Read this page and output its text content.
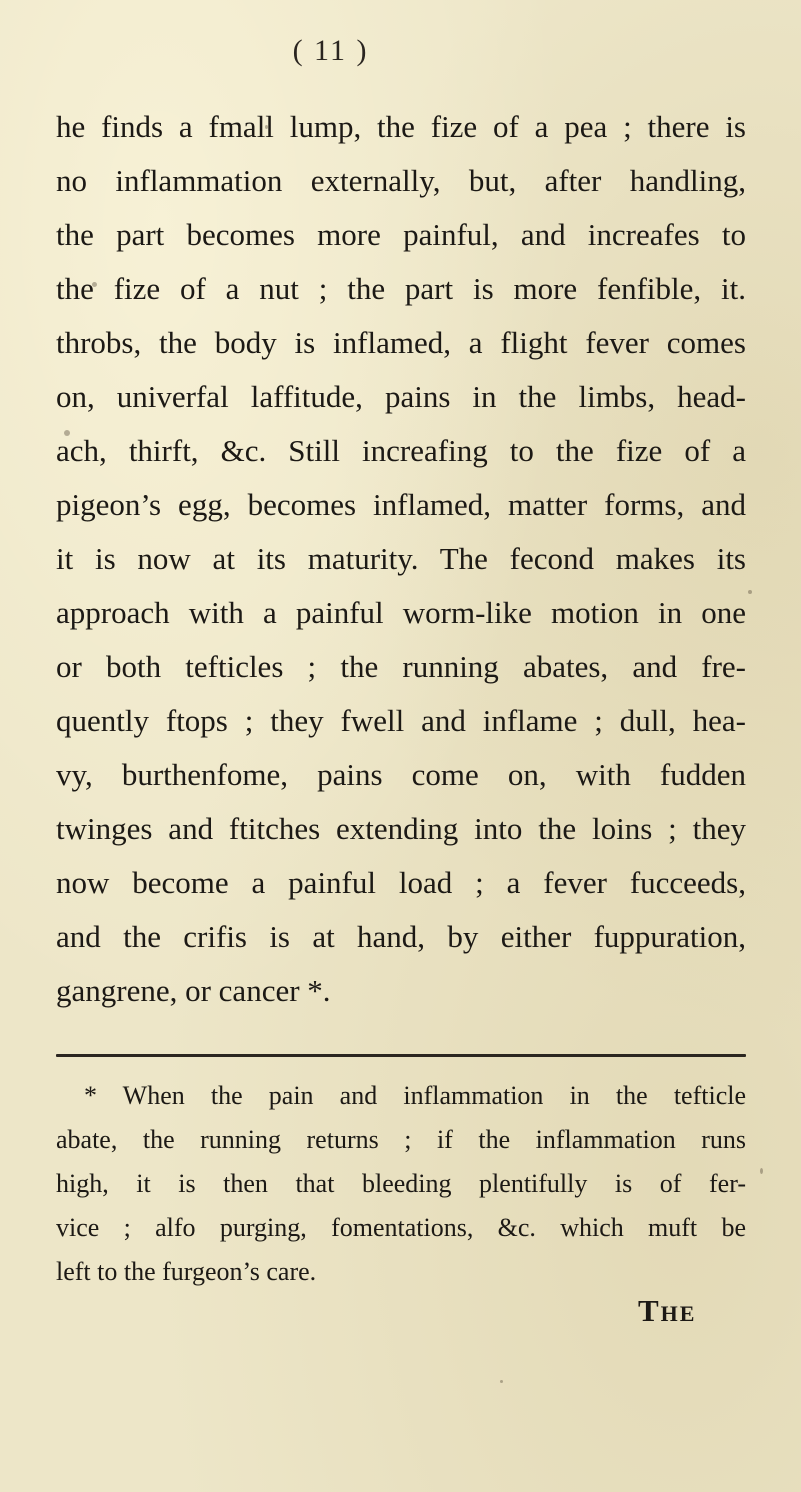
( 11 )
he finds a fmall lump, the fize of a pea ; there is
no inflammation externally, but, after handling,
the part becomes more painful, and increafes to
the fize of a nut ; the part is more fenfible, it.
throbs, the body is inflamed, a flight fever comes
on, univerfal laffitude, pains in the limbs, head-
ach, thirft, &c. Still increafing to the fize of a
pigeon’s egg, becomes inflamed, matter forms, and
it is now at its maturity. The fecond makes its
approach with a painful worm-like motion in one
or both tefticles ; the running abates, and fre-
quently ftops ; they fwell and inflame ; dull, hea-
vy, burthenfome, pains come on, with fudden
twinges and ftitches extending into the loins ; they
now become a painful load ; a fever fucceeds,
and the crifis is at hand, by either fuppuration,
gangrene, or cancer *.
* When the pain and inflammation in the tefticle
abate, the running returns ; if the inflammation runs
high, it is then that bleeding plentifully is of fer-
vice ; alfo purging, fomentations, &c. which muft be
left to the furgeon’s care.
The
